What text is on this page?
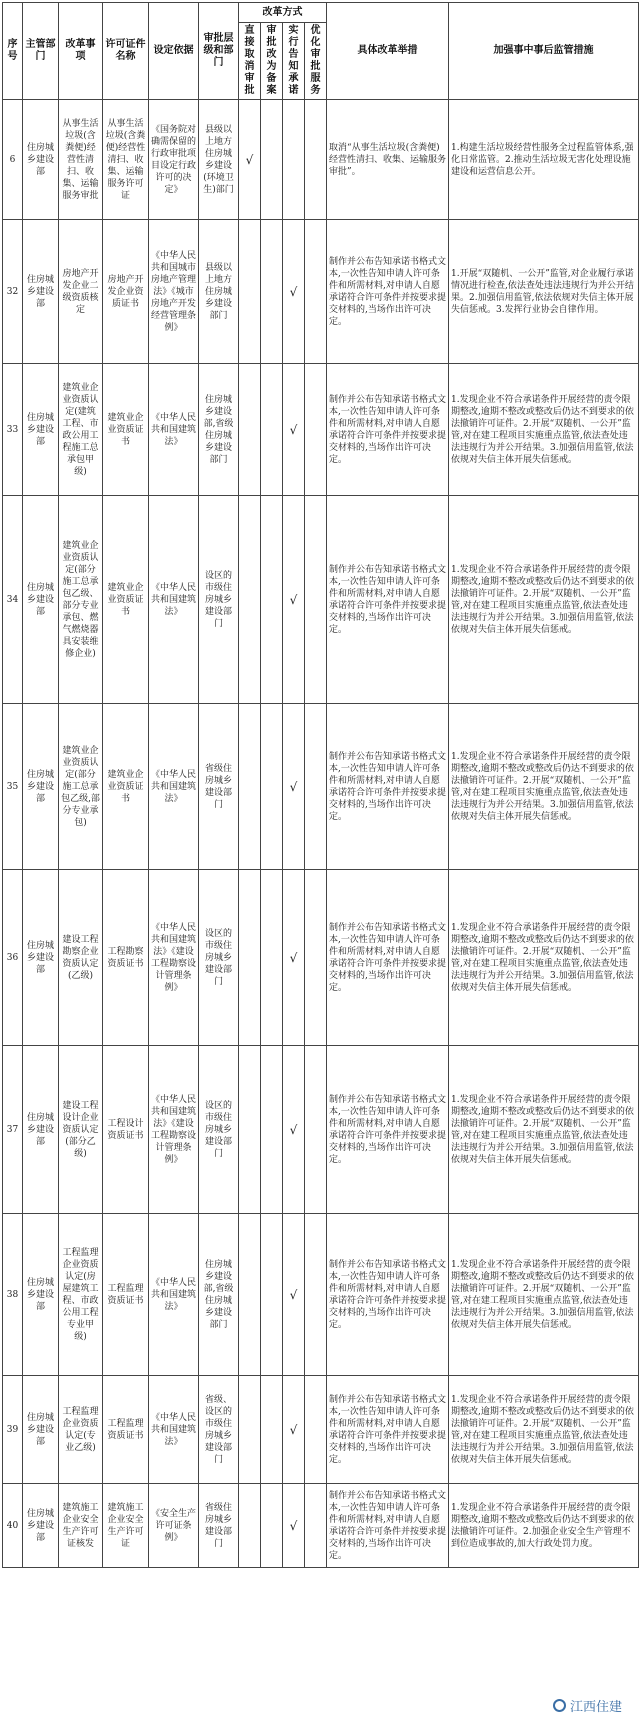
序号	主管部门	改革事项	许可证件名称	设定依据	审批层级和部门	改革方式				具体改革举措	加强事中事后监管措施
						直接取消审批	审批改为备案	实行告知承诺	优化审批服务		
6	住房城乡建设部	从事生活垃圾(含粪便)经营性清扫、收集、运输服务审批	从事生活垃圾(含粪便)经营性清扫、收集、运输服务许可证	《国务院对确需保留的行政审批项目设定行政许可的决定》	县级以上地方住房城乡建设(环境卫生)部门	√				取消“从事生活垃圾(含粪便)经营性清扫、收集、运输服务审批”。	1.构建生活垃圾经营性服务全过程监管体系,强化日常监管。2.推动生活垃圾无害化处理设施建设和运营信息公开。
32	住房城乡建设部	房地产开发企业二级资质核定	房地产开发企业资质证书	《中华人民共和国城市房地产管理法》《城市房地产开发经营管理条例》	县级以上地方住房城乡建设部门			√		制作并公布告知承诺书格式文本,一次性告知申请人许可条件和所需材料,对申请人自愿承诺符合许可条件并按要求提交材料的,当场作出许可决定。	1.开展“双随机、一公开”监管,对企业履行承诺情况进行检查,依法查处违法违规行为并公开结果。2.加强信用监管,依法依规对失信主体开展失信惩戒。3.发挥行业协会自律作用。
33	住房城乡建设部	建筑业企业资质认定(建筑工程、市政公用工程施工总承包甲级)	建筑业企业资质证书	《中华人民共和国建筑法》	住房城乡建设部,省级住房城乡建设部门			√		制作并公布告知承诺书格式文本,一次性告知申请人许可条件和所需材料,对申请人自愿承诺符合许可条件并按要求提交材料的,当场作出许可决定。	1.发现企业不符合承诺条件开展经营的责令限期整改,逾期不整改或整改后仍达不到要求的依法撤销许可证件。2.开展“双随机、一公开”监管,对在建工程项目实施重点监管,依法查处违法违规行为并公开结果。3.加强信用监管,依法依规对失信主体开展失信惩戒。
34	住房城乡建设部	建筑业企业资质认定(部分施工总承包乙级、部分专业承包、燃气燃烧器具安装维修企业)	建筑业企业资质证书	《中华人民共和国建筑法》	设区的市级住房城乡建设部门			√		制作并公布告知承诺书格式文本,一次性告知申请人许可条件和所需材料,对申请人自愿承诺符合许可条件并按要求提交材料的,当场作出许可决定。	1.发现企业不符合承诺条件开展经营的责令限期整改,逾期不整改或整改后仍达不到要求的依法撤销许可证件。2.开展“双随机、一公开”监管,对在建工程项目实施重点监管,依法查处违法违规行为并公开结果。3.加强信用监管,依法依规对失信主体开展失信惩戒。
35	住房城乡建设部	建筑业企业资质认定(部分施工总承包乙级,部分专业承包)	建筑业企业资质证书	《中华人民共和国建筑法》	省级住房城乡建设部门			√		制作并公布告知承诺书格式文本,一次性告知申请人许可条件和所需材料,对申请人自愿承诺符合许可条件并按要求提交材料的,当场作出许可决定。	1.发现企业不符合承诺条件开展经营的责令限期整改,逾期不整改或整改后仍达不到要求的依法撤销许可证件。2.开展“双随机、一公开”监管,对在建工程项目实施重点监管,依法查处违法违规行为并公开结果。3.加强信用监管,依法依规对失信主体开展失信惩戒。
36	住房城乡建设部	建设工程勘察企业资质认定(乙级)	工程勘察资质证书	《中华人民共和国建筑法》《建设工程勘察设计管理条例》	设区的市级住房城乡建设部门			√		制作并公布告知承诺书格式文本,一次性告知申请人许可条件和所需材料,对申请人自愿承诺符合许可条件并按要求提交材料的,当场作出许可决定。	1.发现企业不符合承诺条件开展经营的责令限期整改,逾期不整改或整改后仍达不到要求的依法撤销许可证件。2.开展“双随机、一公开”监管,对在建工程项目实施重点监管,依法查处违法违规行为并公开结果。3.加强信用监管,依法依规对失信主体开展失信惩戒。
37	住房城乡建设部	建设工程设计企业资质认定(部分乙级)	工程设计资质证书	《中华人民共和国建筑法》《建设工程勘察设计管理条例》	设区的市级住房城乡建设部门			√		制作并公布告知承诺书格式文本,一次性告知申请人许可条件和所需材料,对申请人自愿承诺符合许可条件并按要求提交材料的,当场作出许可决定。	1.发现企业不符合承诺条件开展经营的责令限期整改,逾期不整改或整改后仍达不到要求的依法撤销许可证件。2.开展“双随机、一公开”监管,对在建工程项目实施重点监管,依法查处违法违规行为并公开结果。3.加强信用监管,依法依规对失信主体开展失信惩戒。
38	住房城乡建设部	工程监理企业资质认定(房屋建筑工程、市政公用工程专业甲级)	工程监理资质证书	《中华人民共和国建筑法》	住房城乡建设部,省级住房城乡建设部门			√		制作并公布告知承诺书格式文本,一次性告知申请人许可条件和所需材料,对申请人自愿承诺符合许可条件并按要求提交材料的,当场作出许可决定。	1.发现企业不符合承诺条件开展经营的责令限期整改,逾期不整改或整改后仍达不到要求的依法撤销许可证件。2.开展“双随机、一公开”监管,对在建工程项目实施重点监管,依法查处违法违规行为并公开结果。3.加强信用监管,依法依规对失信主体开展失信惩戒。
39	住房城乡建设部	工程监理企业资质认定(专业乙级)	工程监理资质证书	《中华人民共和国建筑法》	省级、设区的市级住房城乡建设部门			√		制作并公布告知承诺书格式文本,一次性告知申请人许可条件和所需材料,对申请人自愿承诺符合许可条件并按要求提交材料的,当场作出许可决定。	1.发现企业不符合承诺条件开展经营的责令限期整改,逾期不整改或整改后仍达不到要求的依法撤销许可证件。2.开展“双随机、一公开”监管,对在建工程项目实施重点监管,依法查处违法违规行为并公开结果。3.加强信用监管,依法依规对失信主体开展失信惩戒。
40	住房城乡建设部	建筑施工企业安全生产许可证核发	建筑施工企业安全生产许可证	《安全生产许可证条例》	省级住房城乡建设部门			√		制作并公布告知承诺书格式文本,一次性告知申请人许可条件和所需材料,对申请人自愿承诺符合许可条件并按要求提交材料的,当场作出许可决定。	1.发现企业不符合承诺条件开展经营的责令限期整改,逾期不整改或整改后仍达不到要求的依法撤销许可证件。2.加强企业安全生产管理不到位造成事故的,加大行政处罚力度。
江西住建
